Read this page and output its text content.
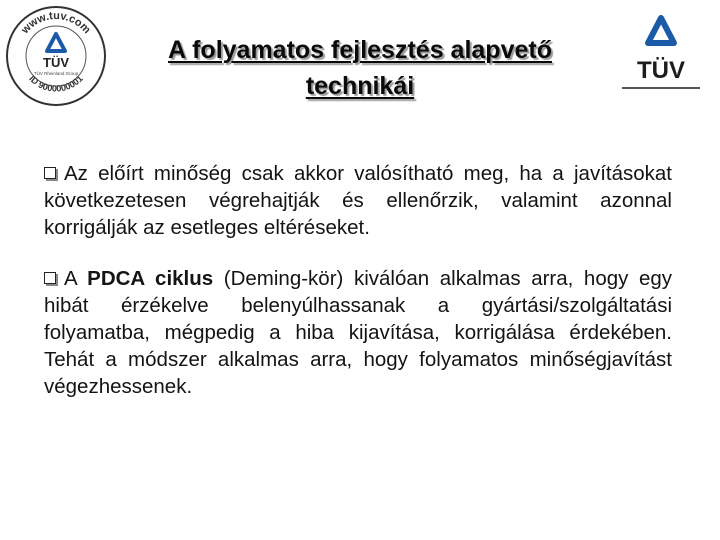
www.tuv.com
ID 9000000001
TÜV
TÜV Rheinland Group	TÜV
A folyamatos fejlesztés alapvető
technikái

Az előírt minőség csak akkor valósítható meg, ha a javításokat következetesen végrehajtják és ellenőrzik, valamint azonnal korrigálják az esetleges eltéréseket.

A PDCA ciklus (Deming-kör) kiválóan alkalmas arra, hogy egy hibát érzékelve belenyúlhassanak a gyártási/szolgáltatási folyamatba, mégpedig a hiba kijavítása, korrigálása érdekében. Tehát a módszer alkalmas arra, hogy folyamatos minőségjavítást végezhessenek.
